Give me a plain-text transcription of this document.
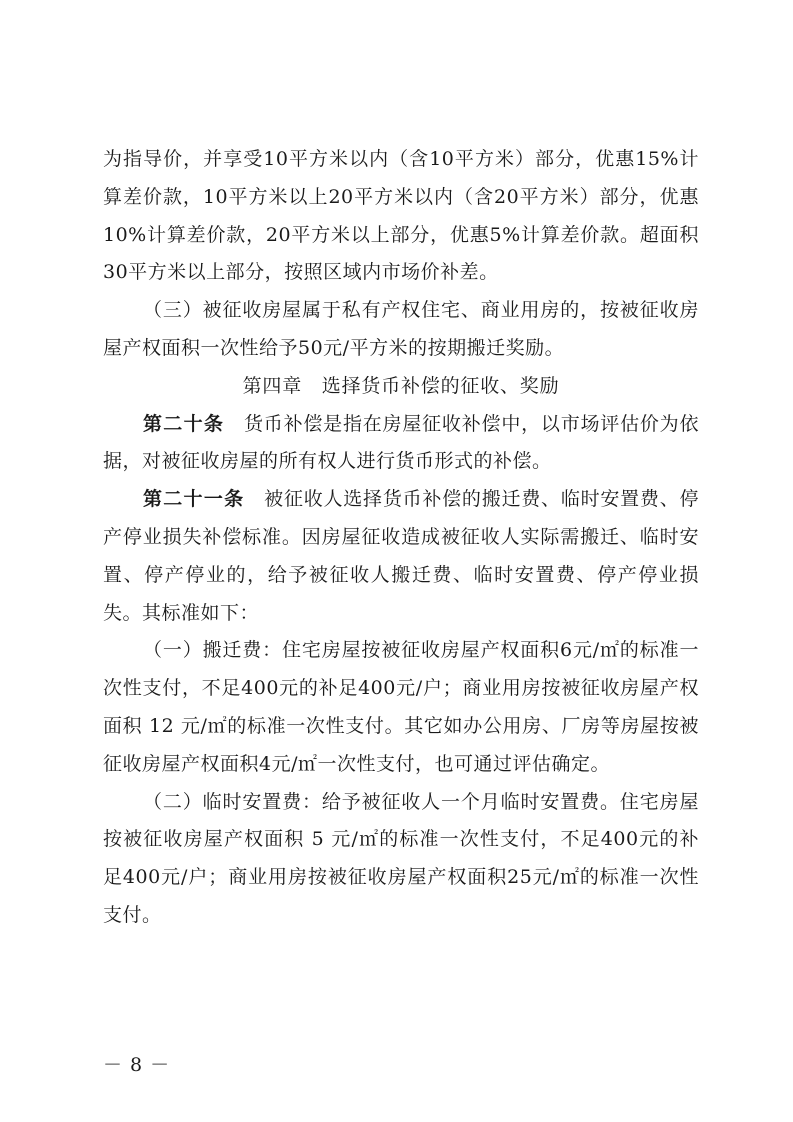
为指导价，并享受10平方米以内（含10平方米）部分，优惠15%计算差价款，10平方米以上20平方米以内（含20平方米）部分，优惠10%计算差价款，20平方米以上部分，优惠5%计算差价款。超面积30平方米以上部分，按照区域内市场价补差。

（三）被征收房屋属于私有产权住宅、商业用房的，按被征收房屋产权面积一次性给予50元/平方米的按期搬迁奖励。

第四章　选择货币补偿的征收、奖励

第二十条　货币补偿是指在房屋征收补偿中，以市场评估价为依据，对被征收房屋的所有权人进行货币形式的补偿。

第二十一条　被征收人选择货币补偿的搬迁费、临时安置费、停产停业损失补偿标准。因房屋征收造成被征收人实际需搬迁、临时安置、停产停业的，给予被征收人搬迁费、临时安置费、停产停业损失。其标准如下：

（一）搬迁费：住宅房屋按被征收房屋产权面积6元/㎡的标准一次性支付，不足400元的补足400元/户；商业用房按被征收房屋产权面积 12 元/㎡的标准一次性支付。其它如办公用房、厂房等房屋按被征收房屋产权面积4元/㎡一次性支付，也可通过评估确定。

（二）临时安置费：给予被征收人一个月临时安置费。住宅房屋按被征收房屋产权面积 5 元/㎡的标准一次性支付，不足400元的补足400元/户；商业用房按被征收房屋产权面积25元/㎡的标准一次性支付。

－ 8 －
